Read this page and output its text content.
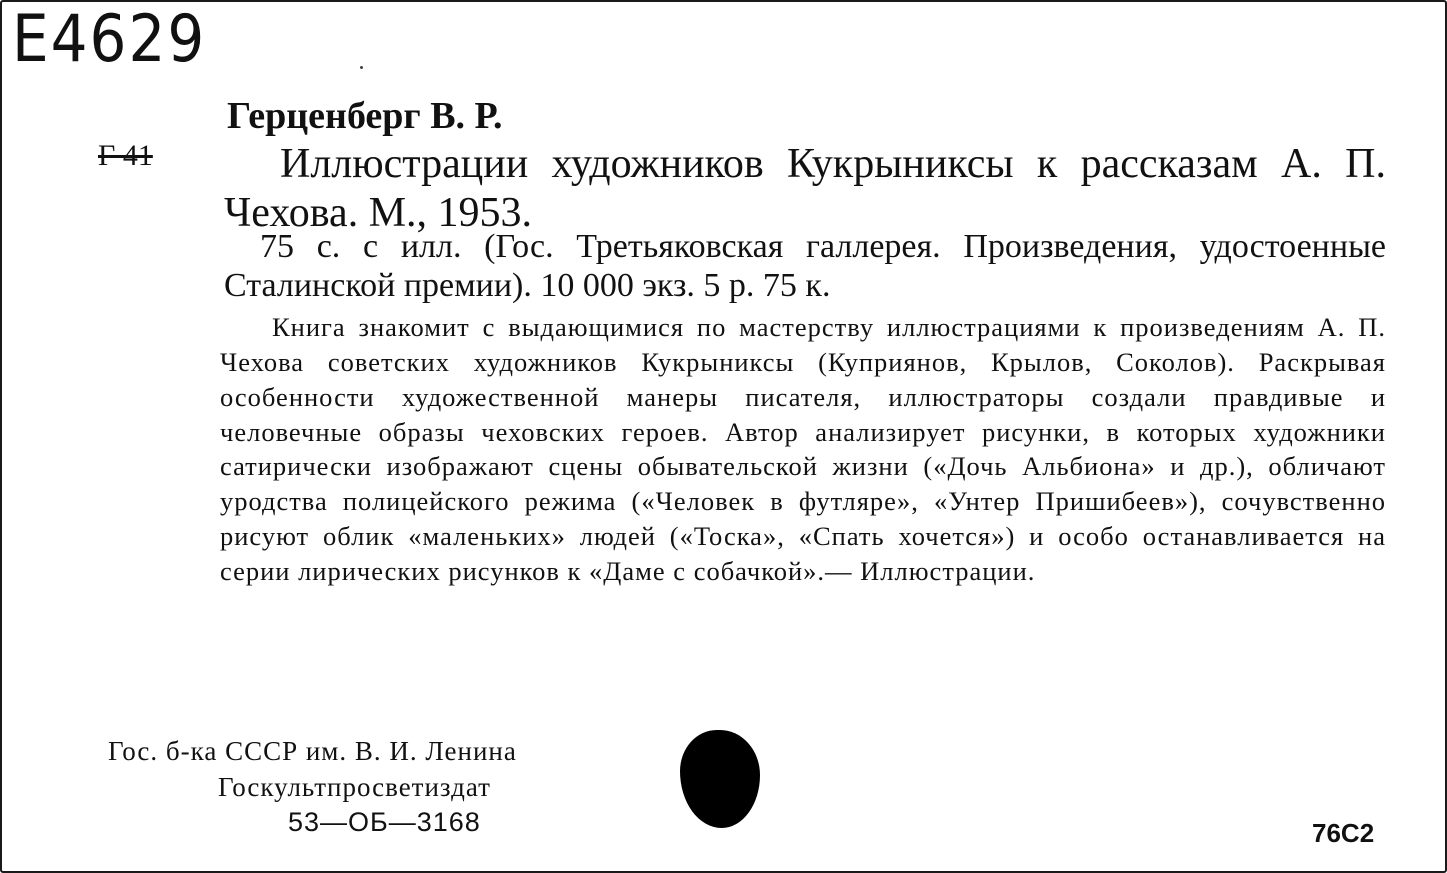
E4629
Герценберг В. Р.
Г 41	Иллюстрации художников Кукрыниксы к рассказам А. П. Чехова. М., 1953.
75 с. с илл. (Гос. Третьяковская галлерея. Произведения, удостоенные Сталинской премии). 10 000 экз. 5 р. 75 к.
Книга знакомит с выдающимися по мастерству иллюстрациями к произведениям А. П. Чехова советских художников Кукрыниксы (Куприянов, Крылов, Соколов). Раскрывая особенности художественной манеры писателя, иллюстраторы создали правдивые и человечные образы чеховских героев. Автор анализирует рисунки, в которых художники сатирически изображают сцены обывательской жизни («Дочь Альбиона» и др.), обличают уродства полицейского режима («Человек в футляре», «Унтер Пришибеев»), сочувственно рисуют облик «маленьких» людей («Тоска», «Спать хочется») и особо останавливается на серии лирических рисунков к «Даме с собачкой».— Иллюстрации.
Гос. б-ка СССР им. В. И. Ленина
Госкультпросветиздат
53—ОБ—3168	76С2
